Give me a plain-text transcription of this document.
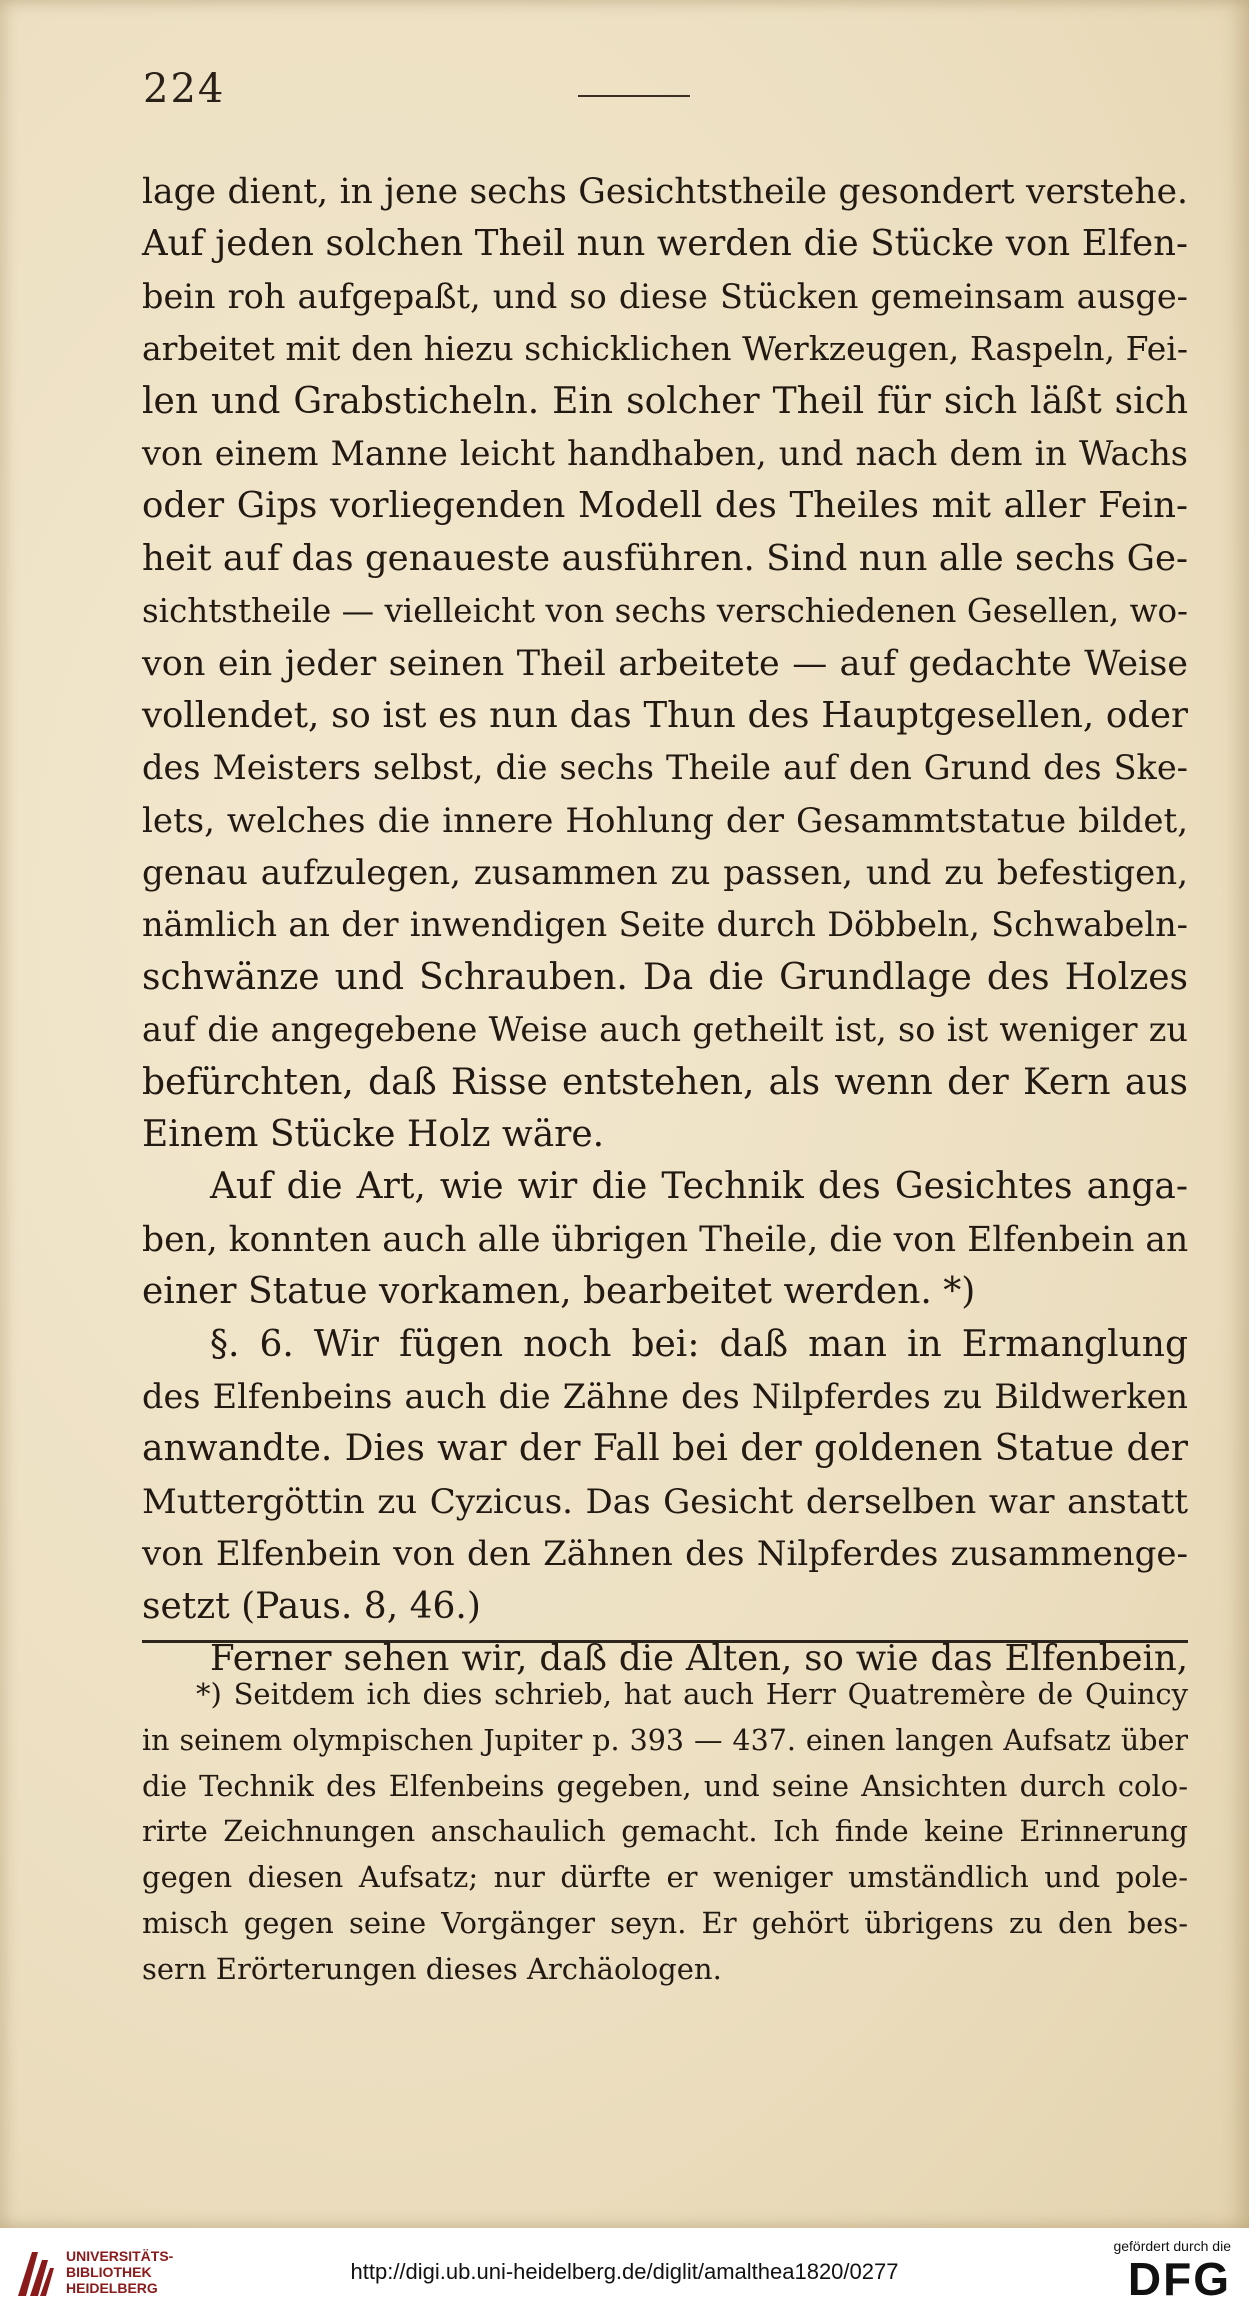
224
lage dient, in jene sechs Gesichtstheile gesondert verstehe.
Auf jeden solchen Theil nun werden die Stücke von Elfen-
bein roh aufgepaßt, und so diese Stücken gemeinsam ausge-
arbeitet mit den hiezu schicklichen Werkzeugen, Raspeln, Fei-
len und Grabsticheln. Ein solcher Theil für sich läßt sich
von einem Manne leicht handhaben, und nach dem in Wachs
oder Gips vorliegenden Modell des Theiles mit aller Fein-
heit auf das genaueste ausführen. Sind nun alle sechs Ge-
sichtstheile — vielleicht von sechs verschiedenen Gesellen, wo-
von ein jeder seinen Theil arbeitete — auf gedachte Weise
vollendet, so ist es nun das Thun des Hauptgesellen, oder
des Meisters selbst, die sechs Theile auf den Grund des Ske-
lets, welches die innere Hohlung der Gesammtstatue bildet,
genau aufzulegen, zusammen zu passen, und zu befestigen,
nämlich an der inwendigen Seite durch Döbbeln, Schwabeln-
schwänze und Schrauben. Da die Grundlage des Holzes
auf die angegebene Weise auch getheilt ist, so ist weniger zu
befürchten, daß Risse entstehen, als wenn der Kern aus
Einem Stücke Holz wäre.
Auf die Art, wie wir die Technik des Gesichtes anga-
ben, konnten auch alle übrigen Theile, die von Elfenbein an
einer Statue vorkamen, bearbeitet werden. *)
§. 6. Wir fügen noch bei: daß man in Ermanglung
des Elfenbeins auch die Zähne des Nilpferdes zu Bildwerken
anwandte. Dies war der Fall bei der goldenen Statue der
Muttergöttin zu Cyzicus. Das Gesicht derselben war anstatt
von Elfenbein von den Zähnen des Nilpferdes zusammenge-
setzt (Paus. 8, 46.)
Ferner sehen wir, daß die Alten, so wie das Elfenbein,
*) Seitdem ich dies schrieb, hat auch Herr Quatremère de Quincy
in seinem olympischen Jupiter p. 393 — 437. einen langen Aufsatz über
die Technik des Elfenbeins gegeben, und seine Ansichten durch colo-
rirte Zeichnungen anschaulich gemacht. Ich finde keine Erinnerung
gegen diesen Aufsatz; nur dürfte er weniger umständlich und pole-
misch gegen seine Vorgänger seyn. Er gehört übrigens zu den bes-
sern Erörterungen dieses Archäologen.
UNIVERSITÄTS-
BIBLIOTHEK
HEIDELBERG
http://digi.ub.uni-heidelberg.de/diglit/amalthea1820/0277
gefördert durch die
DFG
